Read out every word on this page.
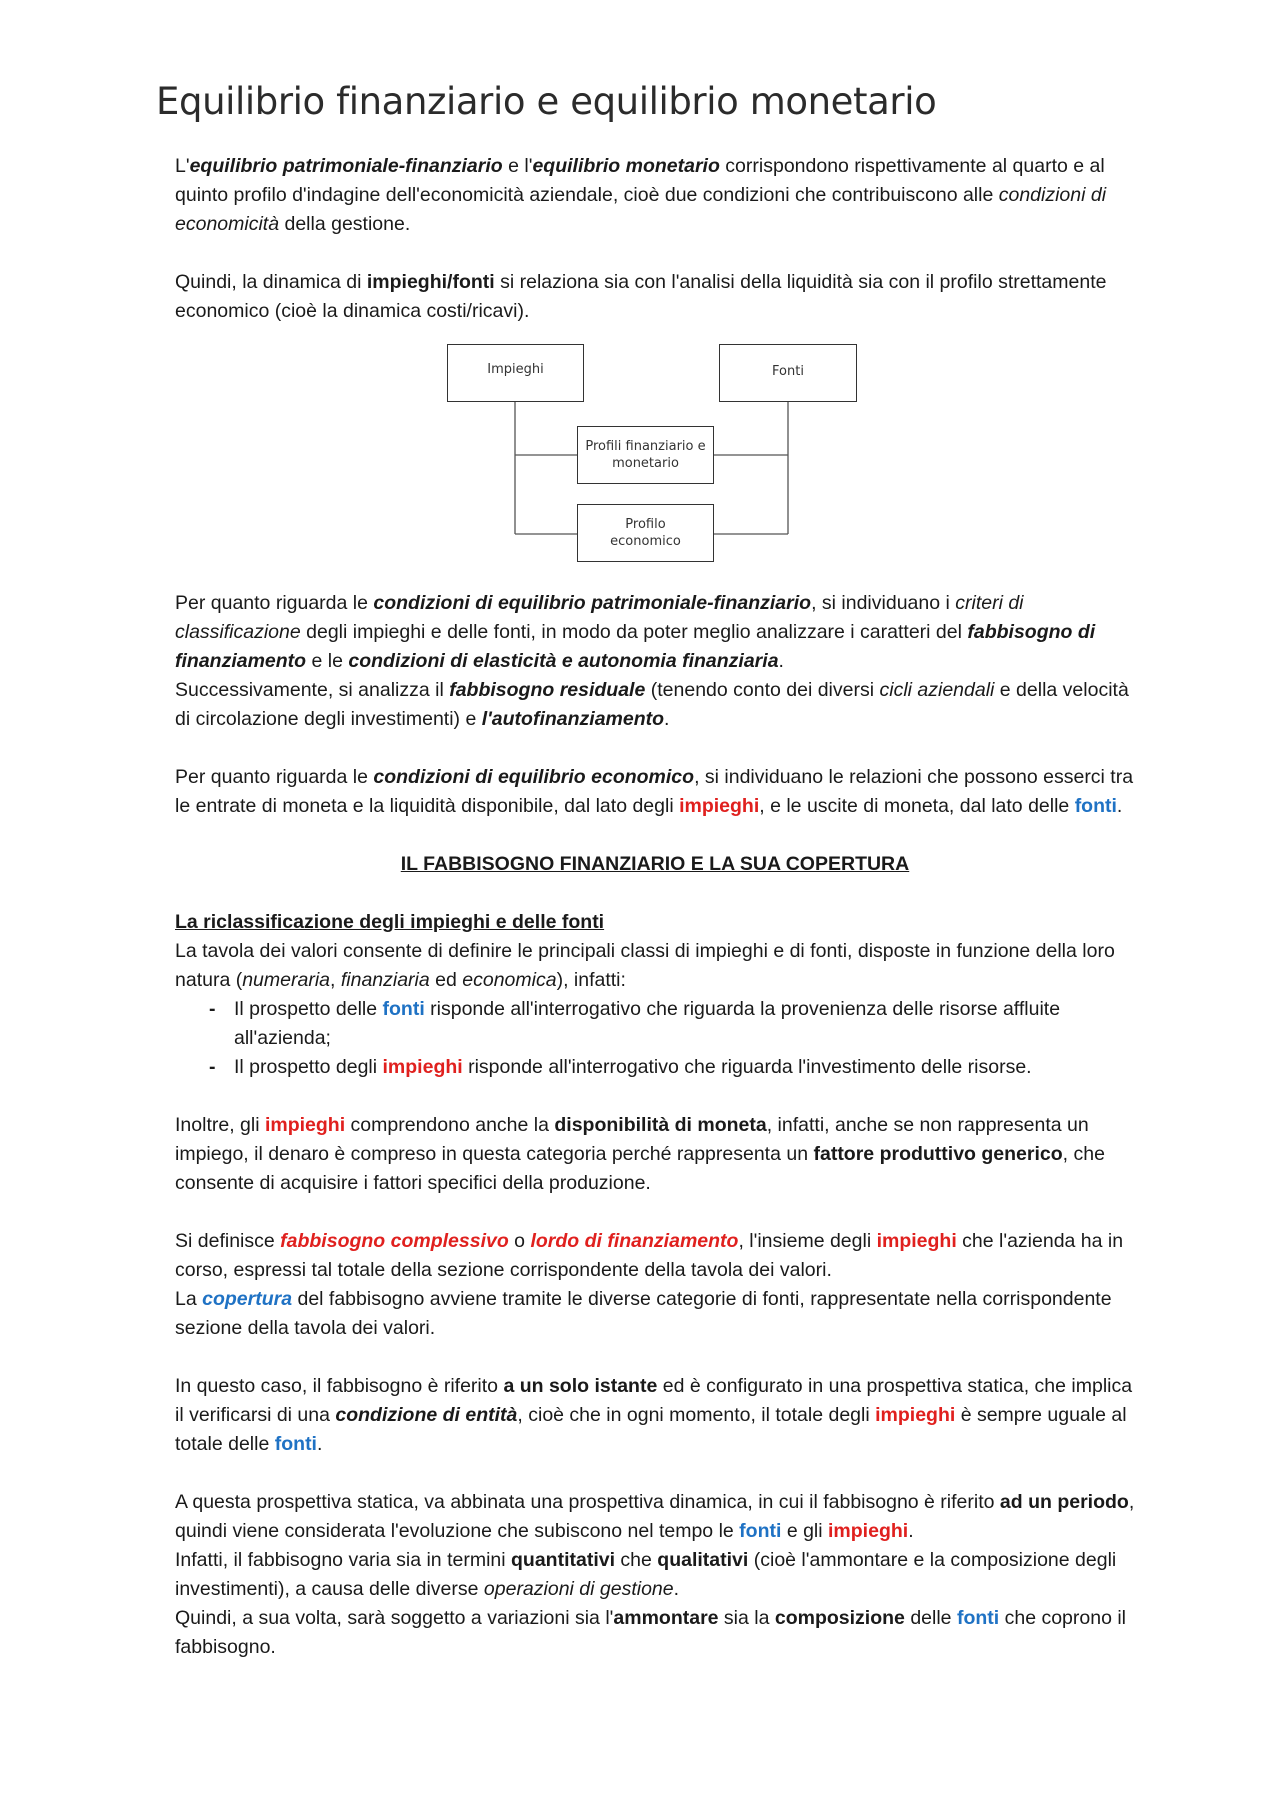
Equilibrio finanziario e equilibrio monetario
Impieghi	Fonti
Profili finanziario e
monetario
Profilo
economico

L'equilibrio patrimoniale-finanziario e l'equilibrio monetario corrispondono rispettivamente al quarto e al quinto profilo d'indagine dell'economicità aziendale, cioè due condizioni che contribuiscono alle condizioni di economicità della gestione.

Quindi, la dinamica di impieghi/fonti si relaziona sia con l'analisi della liquidità sia con il profilo strettamente economico (cioè la dinamica costi/ricavi).

Per quanto riguarda le condizioni di equilibrio patrimoniale-finanziario, si individuano i criteri di classificazione degli impieghi e delle fonti, in modo da poter meglio analizzare i caratteri del fabbisogno di finanziamento e le condizioni di elasticità e autonomia finanziaria.

Successivamente, si analizza il fabbisogno residuale (tenendo conto dei diversi cicli aziendali e della velocità di circolazione degli investimenti) e l'autofinanziamento.

Per quanto riguarda le condizioni di equilibrio economico, si individuano le relazioni che possono esserci tra le entrate di moneta e la liquidità disponibile, dal lato degli impieghi, e le uscite di moneta, dal lato delle fonti.

IL FABBISOGNO FINANZIARIO E LA SUA COPERTURA

La riclassificazione degli impieghi e delle fonti

La tavola dei valori consente di definire le principali classi di impieghi e di fonti, disposte in funzione della loro natura (numeraria, finanziaria ed economica), infatti:

- Il prospetto delle fonti risponde all'interrogativo che riguarda la provenienza delle risorse affluite all'azienda;
- Il prospetto degli impieghi risponde all'interrogativo che riguarda l'investimento delle risorse.

Inoltre, gli impieghi comprendono anche la disponibilità di moneta, infatti, anche se non rappresenta un impiego, il denaro è compreso in questa categoria perché rappresenta un fattore produttivo generico, che consente di acquisire i fattori specifici della produzione.

Si definisce fabbisogno complessivo o lordo di finanziamento, l'insieme degli impieghi che l'azienda ha in corso, espressi tal totale della sezione corrispondente della tavola dei valori.

La copertura del fabbisogno avviene tramite le diverse categorie di fonti, rappresentate nella corrispondente sezione della tavola dei valori.

In questo caso, il fabbisogno è riferito a un solo istante ed è configurato in una prospettiva statica, che implica il verificarsi di una condizione di entità, cioè che in ogni momento, il totale degli impieghi è sempre uguale al totale delle fonti.

A questa prospettiva statica, va abbinata una prospettiva dinamica, in cui il fabbisogno è riferito ad un periodo, quindi viene considerata l'evoluzione che subiscono nel tempo le fonti e gli impieghi.

Infatti, il fabbisogno varia sia in termini quantitativi che qualitativi (cioè l'ammontare e la composizione degli investimenti), a causa delle diverse operazioni di gestione.

Quindi, a sua volta, sarà soggetto a variazioni sia l'ammontare sia la composizione delle fonti che coprono il fabbisogno.
